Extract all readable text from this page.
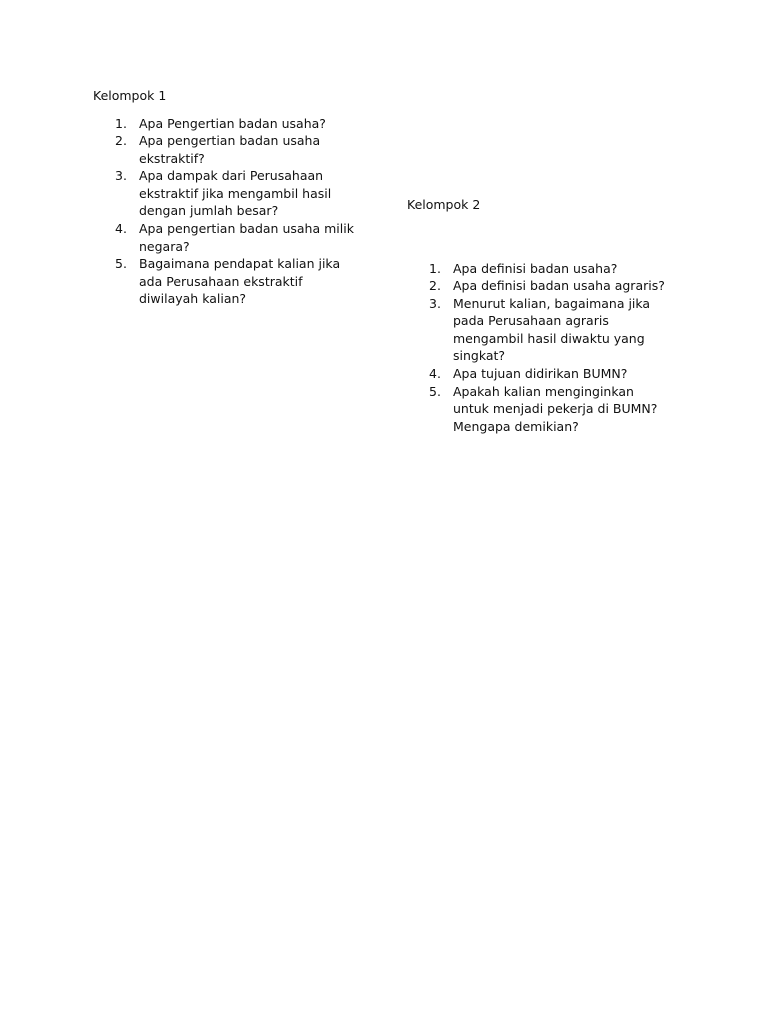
Kelompok 1

1. Apa Pengertian badan usaha?
2. Apa pengertian badan usaha ekstraktif?
3. Apa dampak dari Perusahaan ekstraktif jika mengambil hasil dengan jumlah besar?
4. Apa pengertian badan usaha milik negara?
5. Bagaimana pendapat kalian jika ada Perusahaan ekstraktif diwilayah kalian?

Kelompok 2

1. Apa definisi badan usaha?
2. Apa definisi badan usaha agraris?
3. Menurut kalian, bagaimana jika pada Perusahaan agraris mengambil hasil diwaktu yang singkat?
4. Apa tujuan didirikan BUMN?
5. Apakah kalian menginginkan untuk menjadi pekerja di BUMN? Mengapa demikian?
